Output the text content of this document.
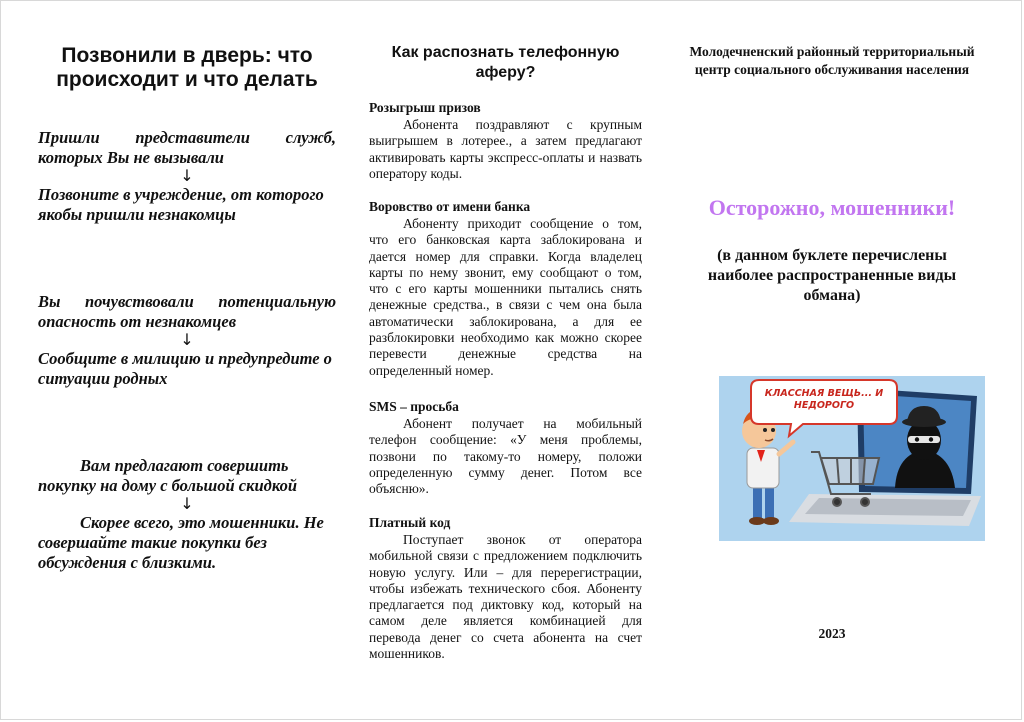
Позвонили в дверь: что происходит и что делать

Пришли представители служб, которых Вы не вызывали

↓

Позвоните в учреждение, от которого якобы пришли незнакомцы

Вы почувствовали потенциальную опасность от незнакомцев

↓

Сообщите в милицию и предупредите о ситуации родных

Вам предлагают совершить покупку на дому с большой скидкой

↓

Скорее всего, это мошенники. Не совершайте такие покупки без обсуждения с близкими.

Как распознать телефонную аферу?
Розыгрыш призов

Абонента поздравляют с крупным выигрышем в лотерее., а затем предлагают активировать карты экспресс-оплаты и назвать оператору коды.

Воровство от имени банка

Абоненту приходит сообщение о том, что его банковская карта заблокирована и дается номер для справки. Когда владелец карты по нему звонит, ему сообщают о том, что с его карты мошенники пытались снять денежные средства., в связи с чем она была автоматически заблокирована, а для ее разблокировки необходимо как можно скорее перевести денежные средства на определенный номер.

SMS – просьба

Абонент получает на мобильный телефон сообщение: «У меня проблемы, позвони по такому-то номеру, положи определенную сумму денег. Потом все объясню».

Платный код

Поступает звонок от оператора мобильной связи с предложением подключить новую услугу. Или – для перерегистрации, чтобы избежать технического сбоя. Абоненту предлагается под диктовку код, который на самом деле является комбинацией для перевода денег со счета абонента на счет мошенников.

Молодечненский районный территориальный центр социального обслуживания населения
Осторожно, мошенники!

(в данном буклете перечислены наиболее распространенные виды обмана)

2023
КЛАССНАЯ ВЕЩЬ... И НЕДОРОГО
